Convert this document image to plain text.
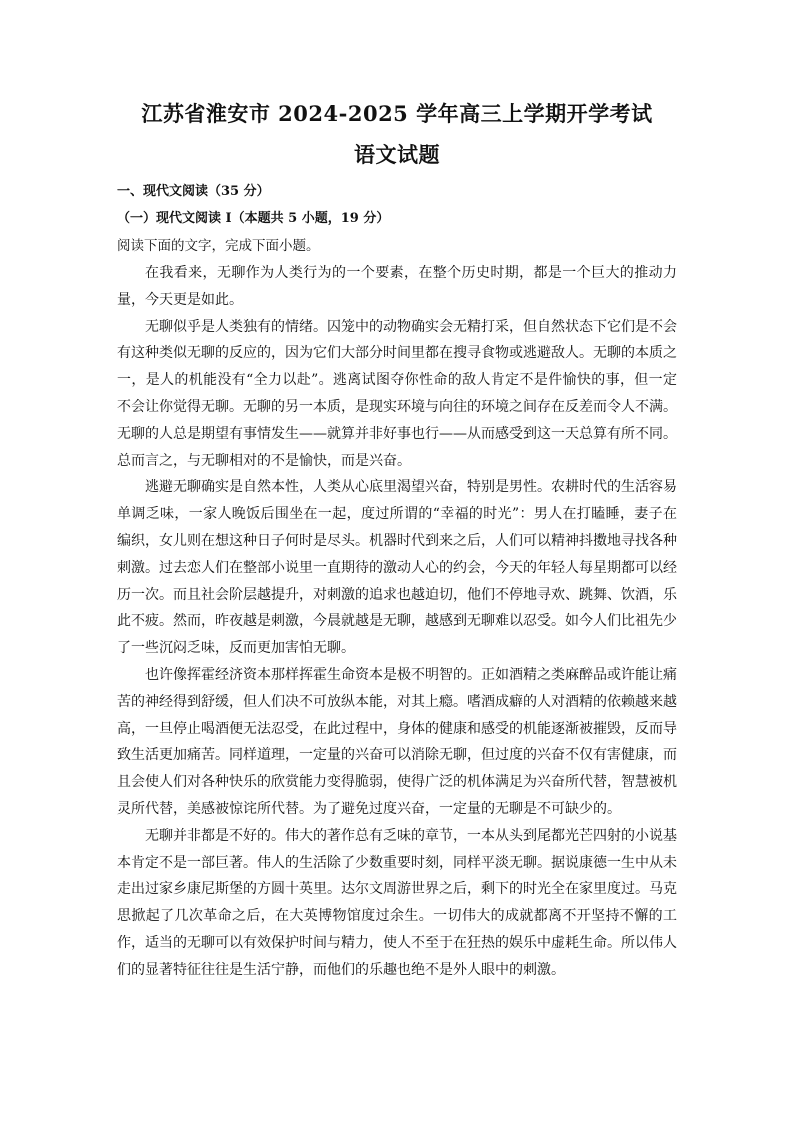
江苏省淮安市 2024-2025 学年高三上学期开学考试
语文试题
一、现代文阅读（35 分）
（一）现代文阅读 I（本题共 5 小题，19 分）
阅读下面的文字，完成下面小题。

在我看来，无聊作为人类行为的一个要素，在整个历史时期，都是一个巨大的推动力量，今天更是如此。

无聊似乎是人类独有的情绪。囚笼中的动物确实会无精打采，但自然状态下它们是不会有这种类似无聊的反应的，因为它们大部分时间里都在搜寻食物或逃避敌人。无聊的本质之一，是人的机能没有“全力以赴”。逃离试图夺你性命的敌人肯定不是件愉快的事，但一定不会让你觉得无聊。无聊的另一本质，是现实环境与向往的环境之间存在反差而令人不满。无聊的人总是期望有事情发生——就算并非好事也行——从而感受到这一天总算有所不同。总而言之，与无聊相对的不是愉快，而是兴奋。

逃避无聊确实是自然本性，人类从心底里渴望兴奋，特别是男性。农耕时代的生活容易单调乏味，一家人晚饭后围坐在一起，度过所谓的“幸福的时光”：男人在打瞌睡，妻子在编织，女儿则在想这种日子何时是尽头。机器时代到来之后，人们可以精神抖擞地寻找各种刺激。过去恋人们在整部小说里一直期待的激动人心的约会，今天的年轻人每星期都可以经历一次。而且社会阶层越提升，对刺激的追求也越迫切，他们不停地寻欢、跳舞、饮酒，乐此不疲。然而，昨夜越是刺激，今晨就越是无聊，越感到无聊难以忍受。如今人们比祖先少了一些沉闷乏味，反而更加害怕无聊。

也许像挥霍经济资本那样挥霍生命资本是极不明智的。正如酒精之类麻醉品或许能让痛苦的神经得到舒缓，但人们决不可放纵本能，对其上瘾。嗜酒成癖的人对酒精的依赖越来越高，一旦停止喝酒便无法忍受，在此过程中，身体的健康和感受的机能逐渐被摧毁，反而导致生活更加痛苦。同样道理，一定量的兴奋可以消除无聊，但过度的兴奋不仅有害健康，而且会使人们对各种快乐的欣赏能力变得脆弱，使得广泛的机体满足为兴奋所代替，智慧被机灵所代替，美感被惊诧所代替。为了避免过度兴奋，一定量的无聊是不可缺少的。

无聊并非都是不好的。伟大的著作总有乏味的章节，一本从头到尾都光芒四射的小说基本肯定不是一部巨著。伟人的生活除了少数重要时刻，同样平淡无聊。据说康德一生中从未走出过家乡康尼斯堡的方圆十英里。达尔文周游世界之后，剩下的时光全在家里度过。马克思掀起了几次革命之后，在大英博物馆度过余生。一切伟大的成就都离不开坚持不懈的工作，适当的无聊可以有效保护时间与精力，使人不至于在狂热的娱乐中虚耗生命。所以伟人们的显著特征往往是生活宁静，而他们的乐趣也绝不是外人眼中的刺激。
